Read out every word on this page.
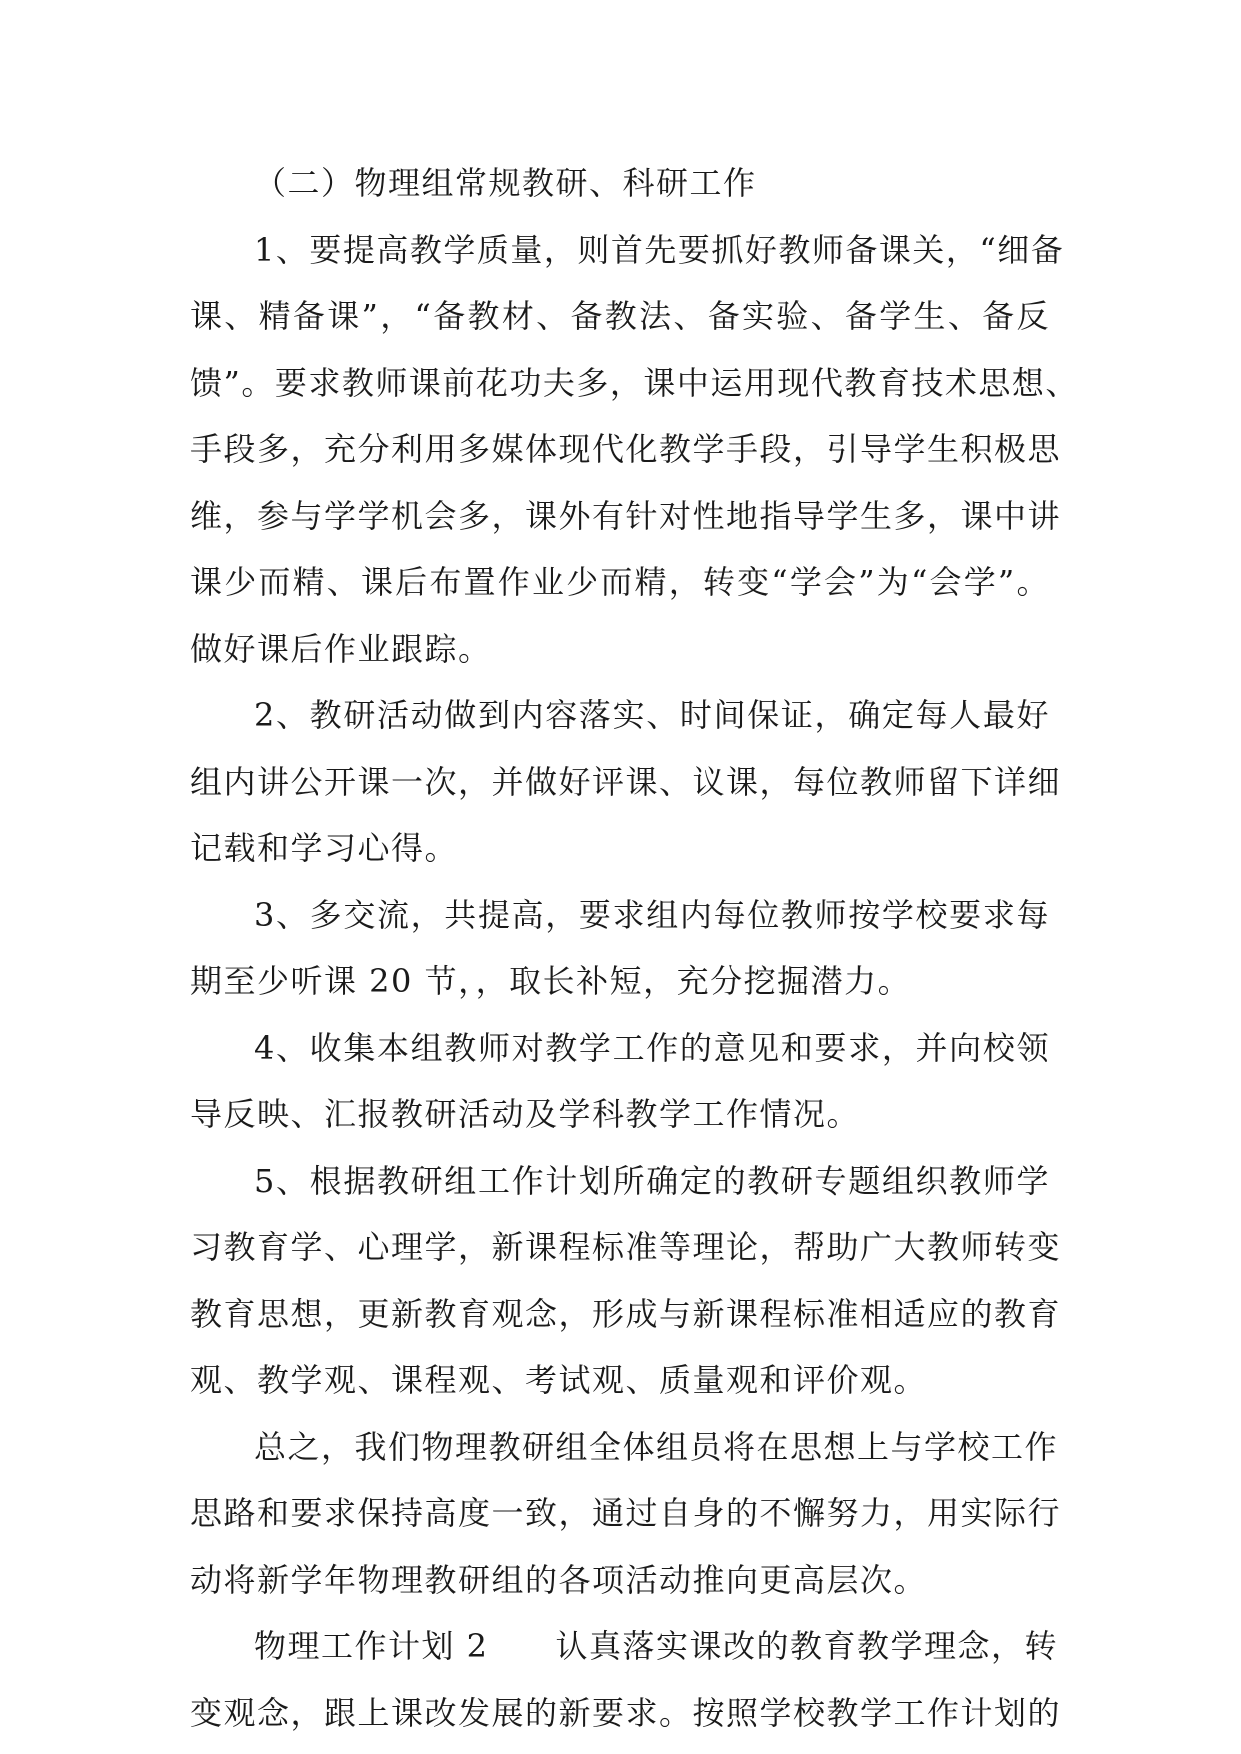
（二）物理组常规教研、科研工作
1、要提高教学质量，则首先要抓好教师备课关，“细备
课、精备课”，“备教材、备教法、备实验、备学生、备反
馈”。要求教师课前花功夫多，课中运用现代教育技术思想、
手段多，充分利用多媒体现代化教学手段，引导学生积极思
维，参与学学机会多，课外有针对性地指导学生多，课中讲
课少而精、课后布置作业少而精，转变“学会”为“会学”。
做好课后作业跟踪。
2、教研活动做到内容落实、时间保证，确定每人最好
组内讲公开课一次，并做好评课、议课，每位教师留下详细
记载和学习心得。
3、多交流，共提高，要求组内每位教师按学校要求每
期至少听课 20 节，，取长补短，充分挖掘潜力。
4、收集本组教师对教学工作的意见和要求，并向校领
导反映、汇报教研活动及学科教学工作情况。
5、根据教研组工作计划所确定的教研专题组织教师学
习教育学、心理学，新课程标准等理论，帮助广大教师转变
教育思想，更新教育观念，形成与新课程标准相适应的教育
观、教学观、课程观、考试观、质量观和评价观。
总之，我们物理教研组全体组员将在思想上与学校工作
思路和要求保持高度一致，通过自身的不懈努力，用实际行
动将新学年物理教研组的各项活动推向更高层次。
物理工作计划 2　　认真落实课改的教育教学理念，转
变观念，跟上课改发展的新要求。按照学校教学工作计划的
